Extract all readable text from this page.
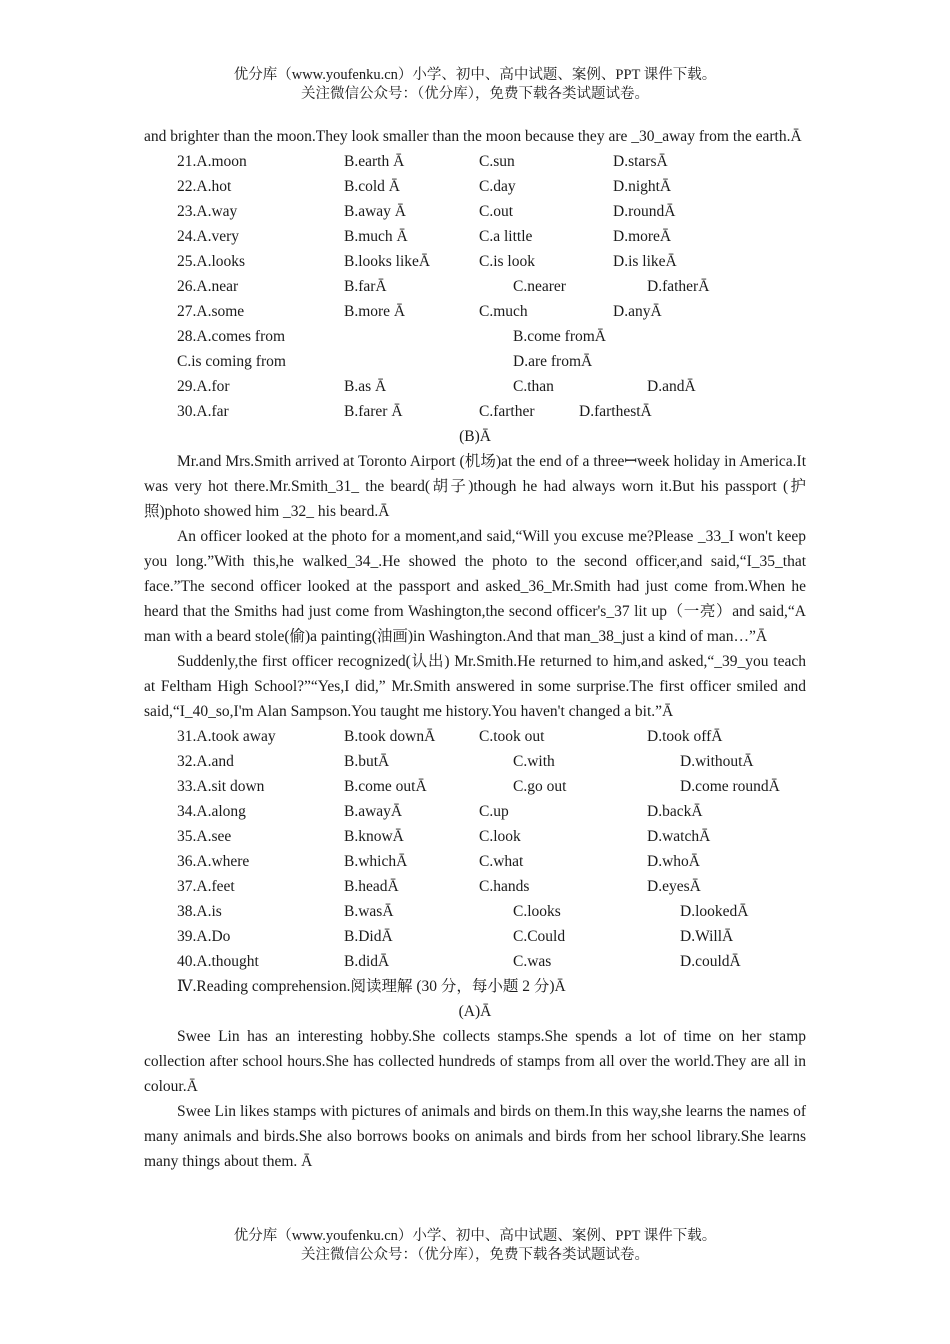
优分库（www.youfenku.cn）小学、初中、高中试题、案例、PPT 课件下载。
关注微信公众号：（优分库），免费下载各类试题试卷。
and brighter than the moon.They look smaller than the moon because they are _30_away from the earth.Ā
21.A.moon	B.earth Ā	C.sun	D.starsĀ
22.A.hot	B.cold Ā	C.day	D.nightĀ
23.A.way	B.away Ā	C.out	D.roundĀ
24.A.very	B.much Ā	C.a little	D.moreĀ
25.A.looks	B.looks likeĀ	C.is look	D.is likeĀ
26.A.near	B.farĀ	C.nearer	D.fatherĀ
27.A.some	B.more Ā	C.much	D.anyĀ
28.A.comes from	B.come fromĀ
C.is coming from	D.are fromĀ
29.A.for	B.as Ā	C.than	D.andĀ
30.A.far	B.farer Ā	C.farther	D.farthestĀ
(B)Ā
Mr.and Mrs.Smith arrived at Toronto Airport (机场)at the end of a threeꟷweek holiday in America.It was very hot there.Mr.Smith_31_ the beard(胡子)though he had always worn it.But his passport (护照)photo showed him _32_ his beard.Ā
An officer looked at the photo for a moment,and said,“Will you excuse me?Please _33_I won't keep you long.”With this,he walked_34_.He showed the photo to the second officer,and said,“I_35_that face.”The second officer looked at the passport and asked_36_Mr.Smith had just come from.When he heard that the Smiths had just come from Washington,the second officer's_37 lit up（一亮）and said,“A man with a beard stole(偷)a painting(油画)in Washington.And that man_38_just a kind of man…”Ā
Suddenly,the first officer recognized(认出) Mr.Smith.He returned to him,and asked,“_39_you teach at Feltham High School?”“Yes,I did,” Mr.Smith answered in some surprise.The first officer smiled and said,“I_40_so,I'm Alan Sampson.You taught me history.You haven't changed a bit.”Ā
31.A.took away	B.took downĀ	C.took out	D.took offĀ
32.A.and	B.butĀ	C.with	D.withoutĀ
33.A.sit down	B.come outĀ	C.go out	D.come roundĀ
34.A.along	B.awayĀ	C.up	D.backĀ
35.A.see	B.knowĀ	C.look	D.watchĀ
36.A.where	B.whichĀ	C.what	D.whoĀ
37.A.feet	B.headĀ	C.hands	D.eyesĀ
38.A.is	B.wasĀ	C.looks	D.lookedĀ
39.A.Do	B.DidĀ	C.Could	D.WillĀ
40.A.thought	B.didĀ	C.was	D.couldĀ
Ⅳ.Reading comprehension.阅读理解 (30 分，每小题 2 分)Ā
(A)Ā
Swee Lin has an interesting hobby.She collects stamps.She spends a lot of time on her stamp collection after school hours.She has collected hundreds of stamps from all over the world.They are all in colour.Ā
Swee Lin likes stamps with pictures of animals and birds on them.In this way,she learns the names of many animals and birds.She also borrows books on animals and birds from her school library.She learns many things about them. Ā
优分库（www.youfenku.cn）小学、初中、高中试题、案例、PPT 课件下载。
关注微信公众号：（优分库），免费下载各类试题试卷。
